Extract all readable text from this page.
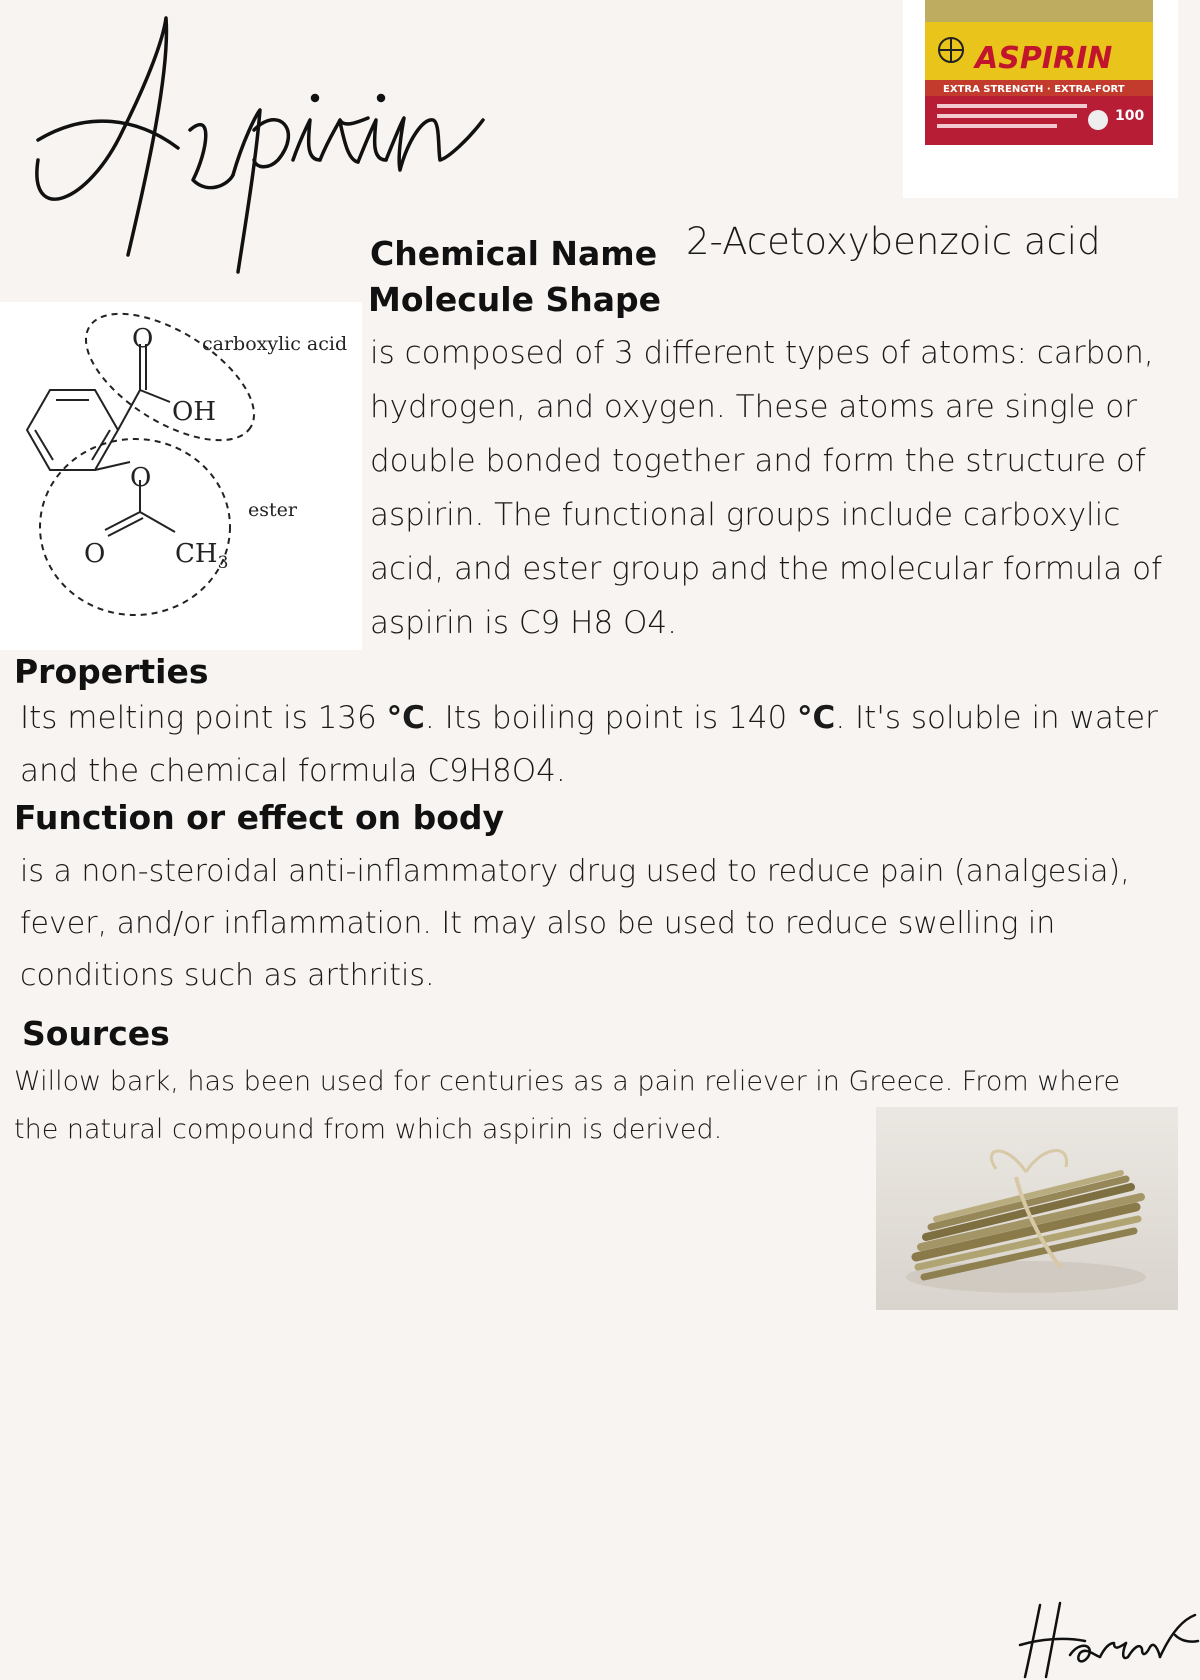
ASPIRIN
EXTRA STRENGTH · EXTRA-FORT
100
O
OH
O
O	$CH_3$
carboxylic acid
ester
Chemical Name 2-Acetoxybenzoic acid
Molecule Shape
is composed of 3 different types of atoms: carbon, hydrogen, and oxygen. These atoms are single or double bonded together and form the structure of aspirin. The functional groups include carboxylic acid, and ester group and the molecular formula of aspirin is C9 H8 O4.
Properties
Its melting point is 136 °C. Its boiling point is 140 °C. It's soluble in water and the chemical formula C9H8O4.
Function or effect on body
is a non-steroidal anti-inflammatory drug used to reduce pain (analgesia), fever, and/or inflammation. It may also be used to reduce swelling in conditions such as arthritis.
Sources
Willow bark, has been used for centuries as a pain reliever in Greece. From where the natural compound from which aspirin is derived.
